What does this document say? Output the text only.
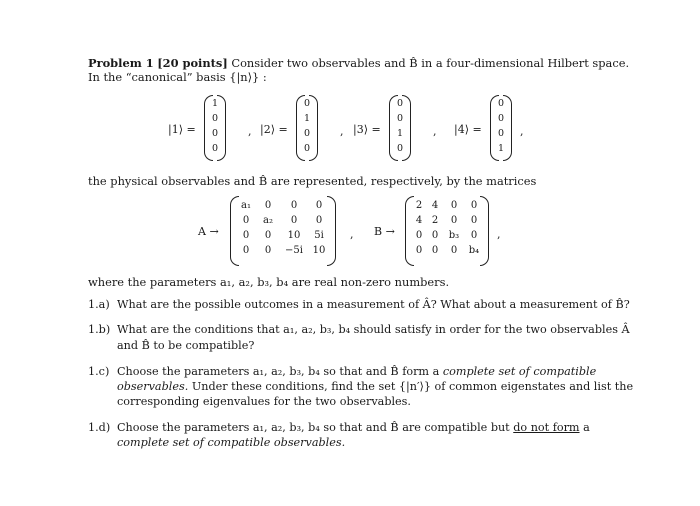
Problem 1 [20 points] Consider two observables and B̂ in a four-dimensional Hilbert space.
In the “canonical” basis {|n⟩} :
|1⟩ =
1
0
0
0
, |2⟩ =
0
1
0
0
, |3⟩ =
0
0
1
0
, |4⟩ =
0
0
0
1
,
the physical observables and B̂ are represented, respectively, by the matrices
A →
a₁	0	0	0
0	a₂	0	0
0	0	10	5i
0	0	−5i 10
, B →
2 4	0	0
4 2	0	0
0 0	b₃	0
0 0	0	b₄
,
where the parameters a₁, a₂, b₃, b₄ are real non-zero numbers.
1.a) What are the possible outcomes in a measurement of Â? What about a measurement of B̂?
1.b) What are the conditions that a₁, a₂, b₃, b₄ should satisfy in order for the two observables Â
and B̂ to be compatible?
1.c) Choose the parameters a₁, a₂, b₃, b₄ so that and B̂ form a complete set of compatible
observables. Under these conditions, find the set {|n′⟩} of common eigenstates and list the
corresponding eigenvalues for the two observables.
1.d) Choose the parameters a₁, a₂, b₃, b₄ so that and B̂ are compatible but do not form a
complete set of compatible observables.
